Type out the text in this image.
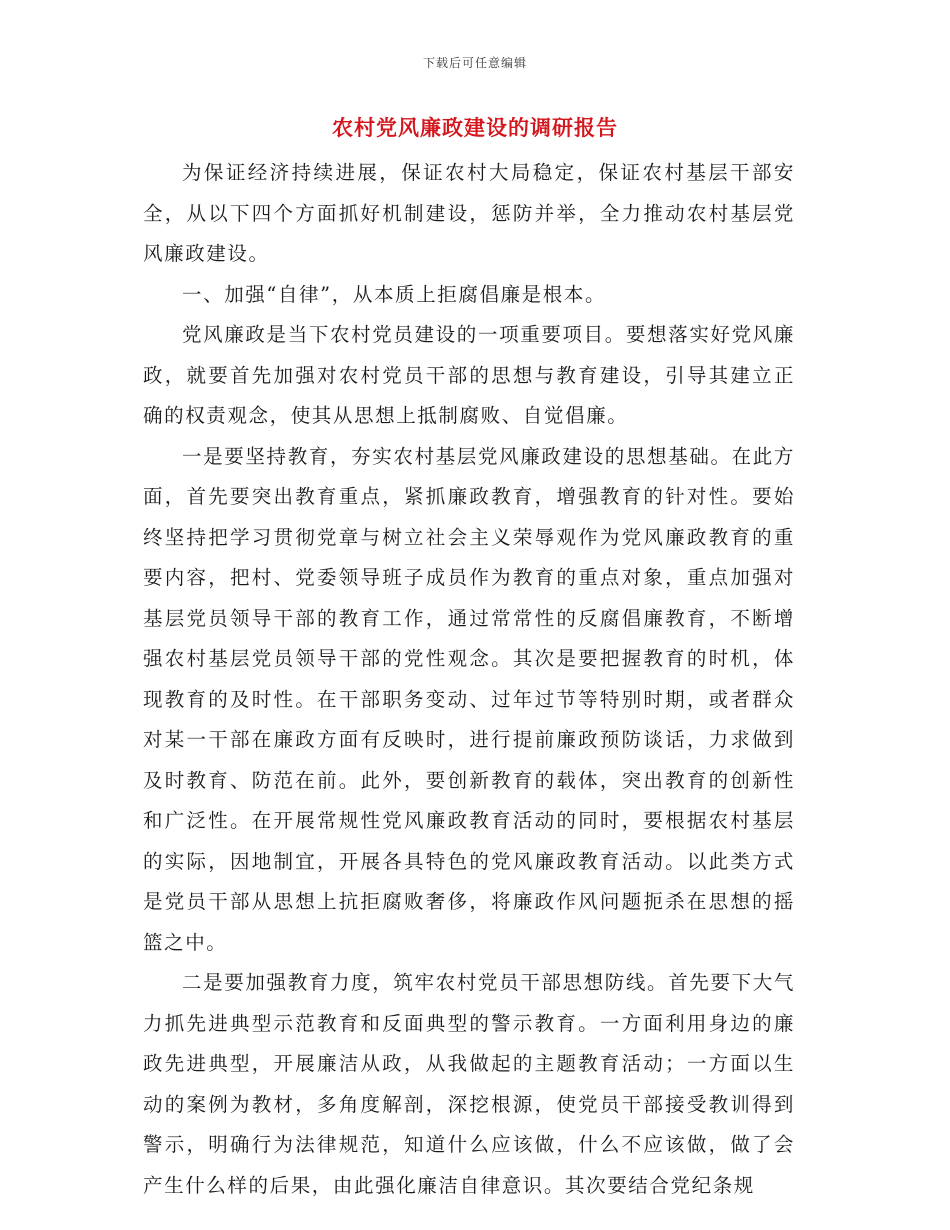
下载后可任意编辑
农村党风廉政建设的调研报告

为保证经济持续进展，保证农村大局稳定，保证农村基层干部安全，从以下四个方面抓好机制建设，惩防并举，全力推动农村基层党风廉政建设。

一、加强“自律”，从本质上拒腐倡廉是根本。

党风廉政是当下农村党员建设的一项重要项目。要想落实好党风廉政，就要首先加强对农村党员干部的思想与教育建设，引导其建立正确的权责观念，使其从思想上抵制腐败、自觉倡廉。

一是要坚持教育，夯实农村基层党风廉政建设的思想基础。在此方面，首先要突出教育重点，紧抓廉政教育，增强教育的针对性。要始终坚持把学习贯彻党章与树立社会主义荣辱观作为党风廉政教育的重要内容，把村、党委领导班子成员作为教育的重点对象，重点加强对基层党员领导干部的教育工作，通过常常性的反腐倡廉教育，不断增强农村基层党员领导干部的党性观念。其次是要把握教育的时机，体现教育的及时性。在干部职务变动、过年过节等特别时期，或者群众对某一干部在廉政方面有反映时，进行提前廉政预防谈话，力求做到及时教育、防范在前。此外，要创新教育的载体，突出教育的创新性和广泛性。在开展常规性党风廉政教育活动的同时，要根据农村基层的实际，因地制宜，开展各具特色的党风廉政教育活动。以此类方式是党员干部从思想上抗拒腐败奢侈，将廉政作风问题扼杀在思想的摇篮之中。

二是要加强教育力度，筑牢农村党员干部思想防线。首先要下大气力抓先进典型示范教育和反面典型的警示教育。一方面利用身边的廉政先进典型，开展廉洁从政，从我做起的主题教育活动；一方面以生动的案例为教材，多角度解剖，深挖根源，使党员干部接受教训得到警示，明确行为法律规范，知道什么应该做，什么不应该做，做了会产生什么样的后果，由此强化廉洁自律意识。其次要结合党纪条规
